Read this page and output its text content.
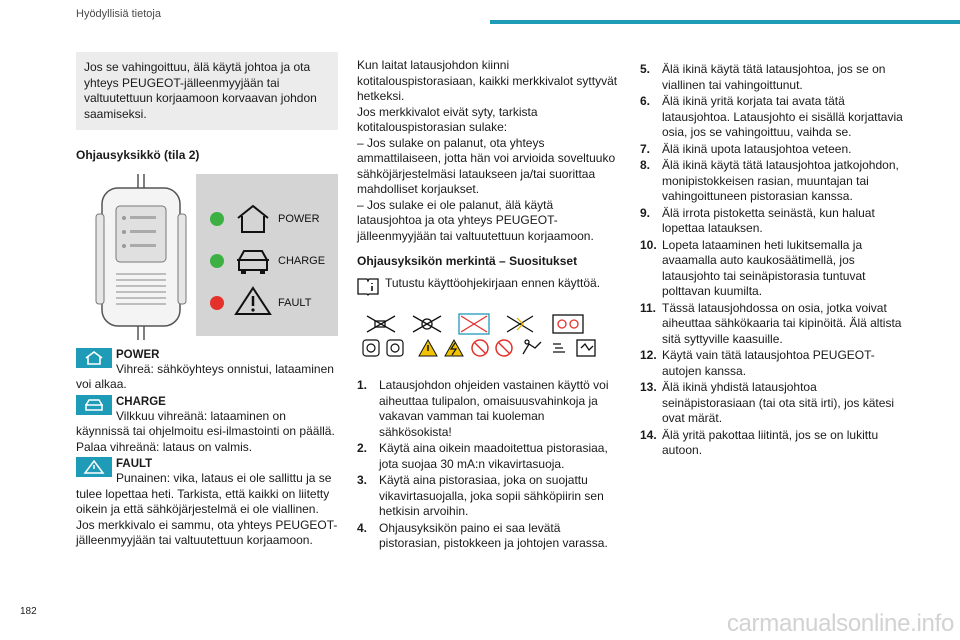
Hyödyllisiä tietoja
Jos se vahingoittuu, älä käytä johtoa ja ota yhteys PEUGEOT-jälleenmyyjään tai valtuutettuun korjaamoon korvaavan johdon saamiseksi.
Ohjausyksikkö (tila 2)
POWER
CHARGE
FAULT
POWER
Vihreä: sähköyhteys onnistui, lataaminen voi alkaa.
CHARGE
Vilkkuu vihreänä: lataaminen on käynnissä tai ohjelmoitu esi-ilmastointi on päällä. Palaa vihreänä: lataus on valmis.
FAULT
Punainen: vika, lataus ei ole sallittu ja se tulee lopettaa heti. Tarkista, että kaikki on liitetty oikein ja että sähköjärjestelmä ei ole viallinen. Jos merkkivalo ei sammu, ota yhteys PEUGEOT-jälleenmyyjään tai valtuutettuun korjaamoon.
Kun laitat latausjohdon kiinni kotitalouspistorasiaan, kaikki merkkivalot syttyvät hetkeksi.
Jos merkkivalot eivät syty, tarkista kotitalouspistorasian sulake:
– Jos sulake on palanut, ota yhteys ammattilaiseen, jotta hän voi arvioida soveltuuko sähköjärjestelmäsi lataukseen ja/tai suorittaa mahdolliset korjaukset.
– Jos sulake ei ole palanut, älä käytä latausjohtoa ja ota yhteys PEUGEOT-jälleenmyyjään tai valtuutettuun korjaamoon.
Ohjausyksikön merkintä – Suositukset
Tutustu käyttöohjekirjaan ennen käyttöä.
1. Latausjohdon ohjeiden vastainen käyttö voi aiheuttaa tulipalon, omaisuusvahinkoja ja vakavan vamman tai kuoleman sähkösokista!
2. Käytä aina oikein maadoitettua pistorasiaa, jota suojaa 30 mA:n vikavirtasuoja.
3. Käytä aina pistorasiaa, joka on suojattu vikavirtasuojalla, joka sopii sähköpiirin sen hetkisin arvoihin.
4. Ohjausyksikön paino ei saa levätä pistorasian, pistokkeen ja johtojen varassa.
5. Älä ikinä käytä tätä latausjohtoa, jos se on viallinen tai vahingoittunut.
6. Älä ikinä yritä korjata tai avata tätä latausjohtoa. Latausjohto ei sisällä korjattavia osia, jos se vahingoittuu, vaihda se.
7. Älä ikinä upota latausjohtoa veteen.
8. Älä ikinä käytä tätä latausjohtoa jatkojohdon, monipistokkeisen rasian, muuntajan tai vahingoittuneen pistorasian kanssa.
9. Älä irrota pistoketta seinästä, kun haluat lopettaa latauksen.
10. Lopeta lataaminen heti lukitsemalla ja avaamalla auto kaukosäätimellä, jos latausjohto tai seinäpistorasia tuntuvat polttavan kuumilta.
11. Tässä latausjohdossa on osia, jotka voivat aiheuttaa sähkökaaria tai kipinöitä. Älä altista sitä syttyville kaasuille.
12. Käytä vain tätä latausjohtoa PEUGEOT-autojen kanssa.
13. Älä ikinä yhdistä latausjohtoa seinäpistorasiaan (tai ota sitä irti), jos kätesi ovat märät.
14. Älä yritä pakottaa liitintä, jos se on lukittu autoon.
182	carmanualsonline.info
